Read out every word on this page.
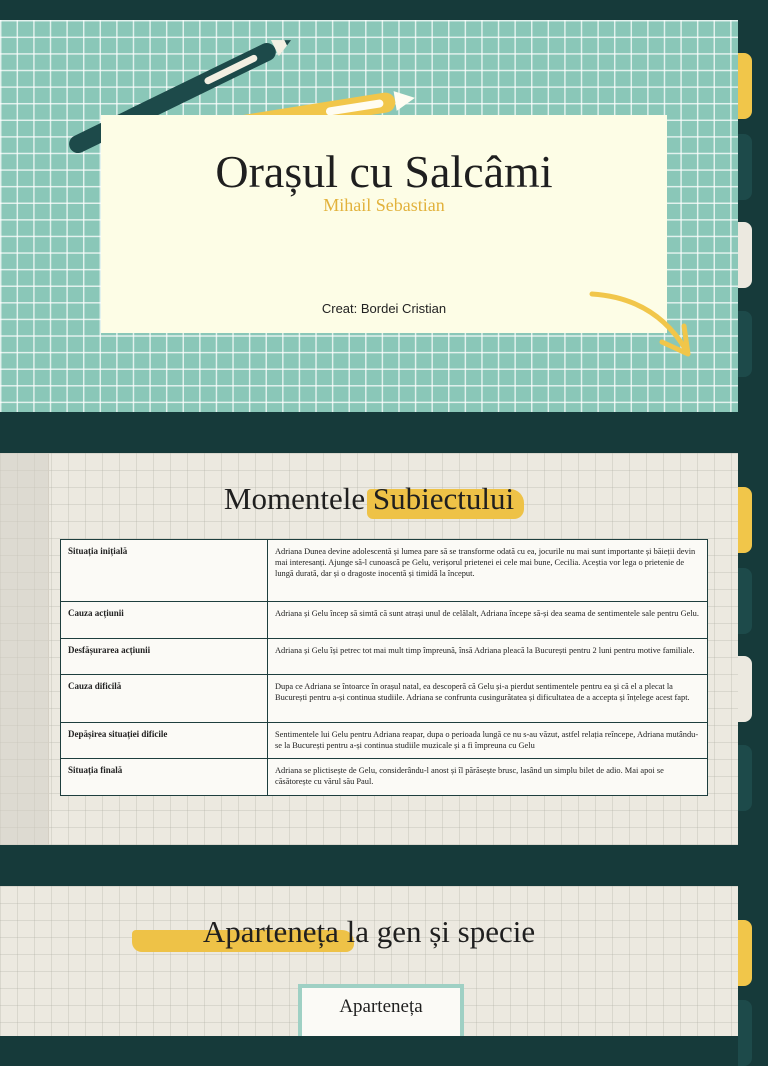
Orașul cu Salcâmi
Mihail Sebastian
Creat: Bordei Cristian
Momentele Subiectului
Situația inițială	Adriana Dunea devine adolescentă și lumea pare să se transforme odată cu ea, jocurile nu mai sunt importante și băieții devin mai interesanți. Ajunge să-l cunoască pe Gelu, verișorul prietenei ei cele mai bune, Cecilia. Aceștia vor lega o prietenie de lungă durată, dar și o dragoste inocentă și timidă la început.
Cauza acțiunii	Adriana și Gelu încep să simtă că sunt atrași unul de celălalt, Adriana începe să-și dea seama de sentimentele sale pentru Gelu.
Desfășurarea acțiunii	Adriana și Gelu își petrec tot mai mult timp împreună, însă Adriana pleacă la București pentru 2 luni pentru motive familiale.
Cauza dificilă	Dupa ce Adriana se întoarce în orașul natal, ea descoperă că Gelu și-a pierdut sentimentele pentru ea și că el a plecat la București pentru a-și continua studiile. Adriana se confrunta cusingurătatea și dificultatea de a accepta și înțelege acest fapt.
Depășirea situației dificile	Sentimentele lui Gelu pentru Adriana reapar, dupa o perioada lungă ce nu s-au văzut, astfel relația reîncepe, Adriana mutându-se la București pentru a-și continua studiile muzicale și a fi împreuna cu Gelu
Situația finală	Adriana se plictisește de Gelu, considerându-l anost și îl părăsește brusc, lasând un simplu bilet de adio. Mai apoi se căsătorește cu vărul său Paul.
Aparteneța la gen și specie
Aparteneța
